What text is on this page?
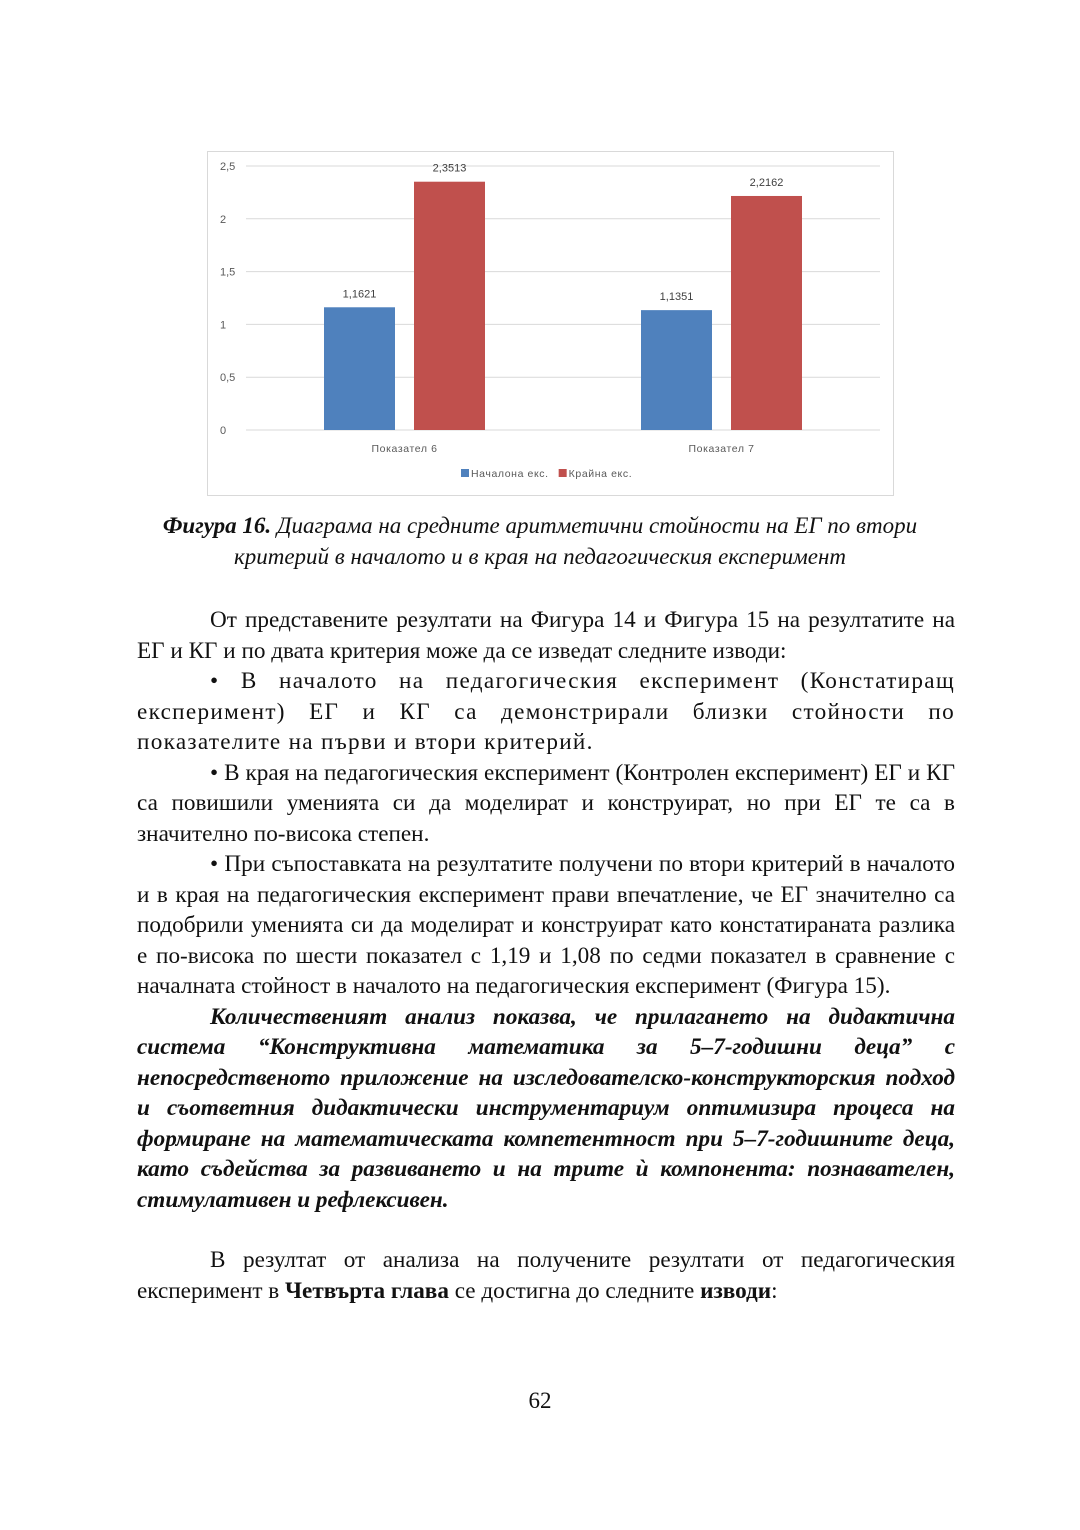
0
0,5
1
1,5
2
2,5
1,1621
2,3513
Показател 6
1,1351
2,2162
Показател 7
Началона екс. Крайна екс.
Фигура 16. Диаграма на средните аритметични стойности на ЕГ по втори критерий в началото и в края на педагогическия експеримент

От представените резултати на Фигура 14 и Фигура 15 на резултатите на ЕГ и КГ и по двата критерия може да се изведат следните изводи:

• В началото на педагогическия експеримент (Констатиращ експеримент) ЕГ и КГ са демонстрирали близки стойности по показателите на първи и втори критерий.

• В края на педагогическия експеримент (Контролен експеримент) ЕГ и КГ са повишили уменията си да моделират и конструират, но при ЕГ те са в значително по-висока степен.

• При съпоставката на резултатите получени по втори критерий в началото и в края на педагогическия експеримент прави впечатление, че ЕГ значително са подобрили уменията си да моделират и конструират като констатираната разлика е по-висока по шести показател с 1,19 и 1,08 по седми показател в сравнение с началната стойност в началото на педагогическия експеримент (Фигура 15).

Количественият анализ показва, че прилагането на дидактична система “Конструктивна математика за 5–7-годишни деца” с непосредственото приложение на изследователско-конструкторския подход и съответния дидактически инструментариум оптимизира процеса на формиране на математическата компетентност при 5–7-годишните деца, като съдейства за развиването и на трите ѝ компонента: познавателен, стимулативен и рефлексивен.

В резултат от анализа на получените резултати от педагогическия експеримент в Четвърта глава се достигна до следните изводи:

62
